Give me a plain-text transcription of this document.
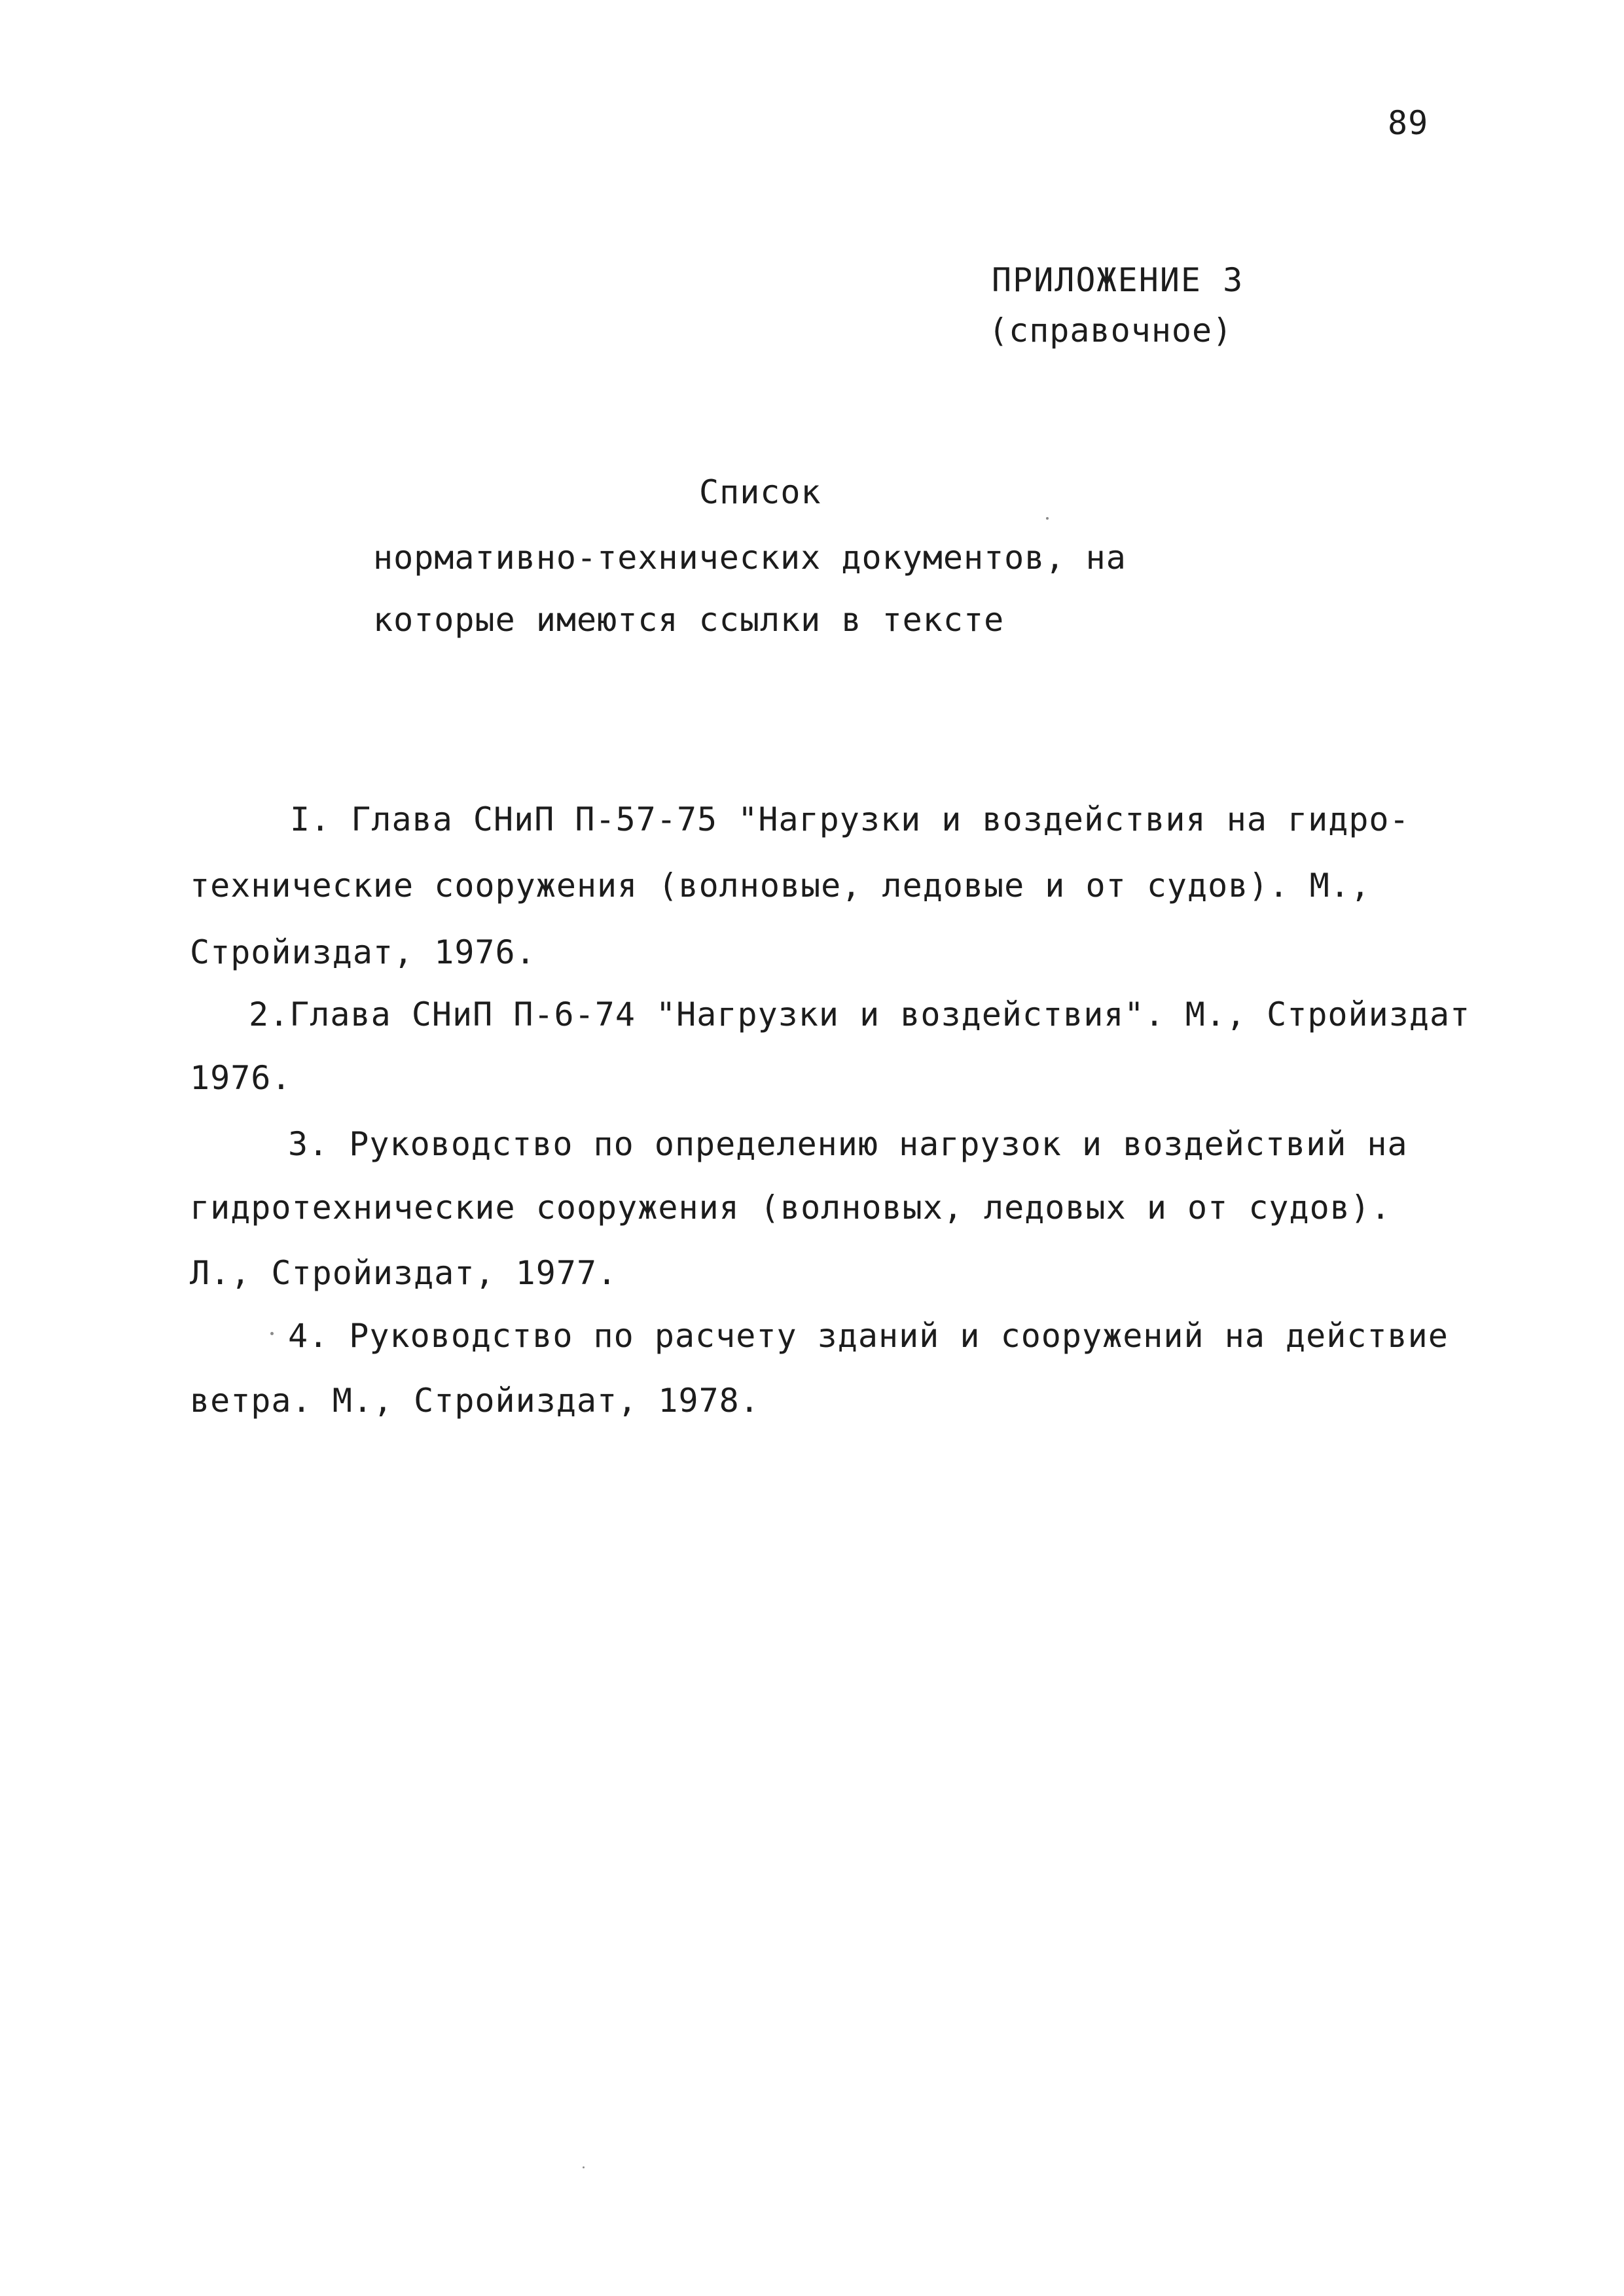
89
ПРИЛОЖЕНИЕ 3
(справочное)
Список
нормативно-технических документов, на
которые имеются ссылки в тексте
I. Глава СНиП П-57-75 "Нагрузки и воздействия на гидро-
технические сооружения (волновые, ледовые и от судов). М.,
Стройиздат, 1976.
2.Глава СНиП П-6-74 "Нагрузки и воздействия". М., Стройиздат
1976.
3. Руководство по определению нагрузок и воздействий на
гидротехнические сооружения (волновых, ледовых и от судов).
Л., Стройиздат, 1977.
4. Руководство по расчету зданий и сооружений на действие
ветра. М., Стройиздат, 1978.
